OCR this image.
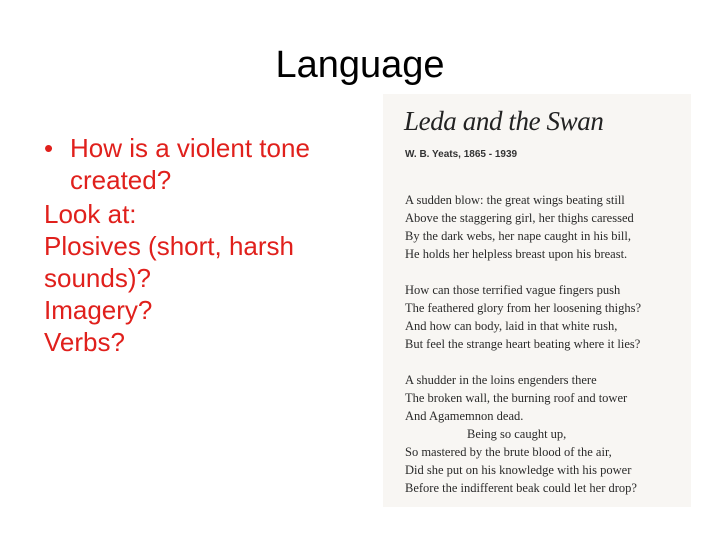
Language
• How is a violent tone created?
Look at:
Plosives (short, harsh sounds)?
Imagery?
Verbs?
Leda and the Swan
W. B. Yeats, 1865 - 1939
A sudden blow: the great wings beating still
Above the staggering girl, her thighs caressed
By the dark webs, her nape caught in his bill,
He holds her helpless breast upon his breast.
How can those terrified vague fingers push
The feathered glory from her loosening thighs?
And how can body, laid in that white rush,
But feel the strange heart beating where it lies?
A shudder in the loins engenders there
The broken wall, the burning roof and tower
And Agamemnon dead.
Being so caught up,
So mastered by the brute blood of the air,
Did she put on his knowledge with his power
Before the indifferent beak could let her drop?
